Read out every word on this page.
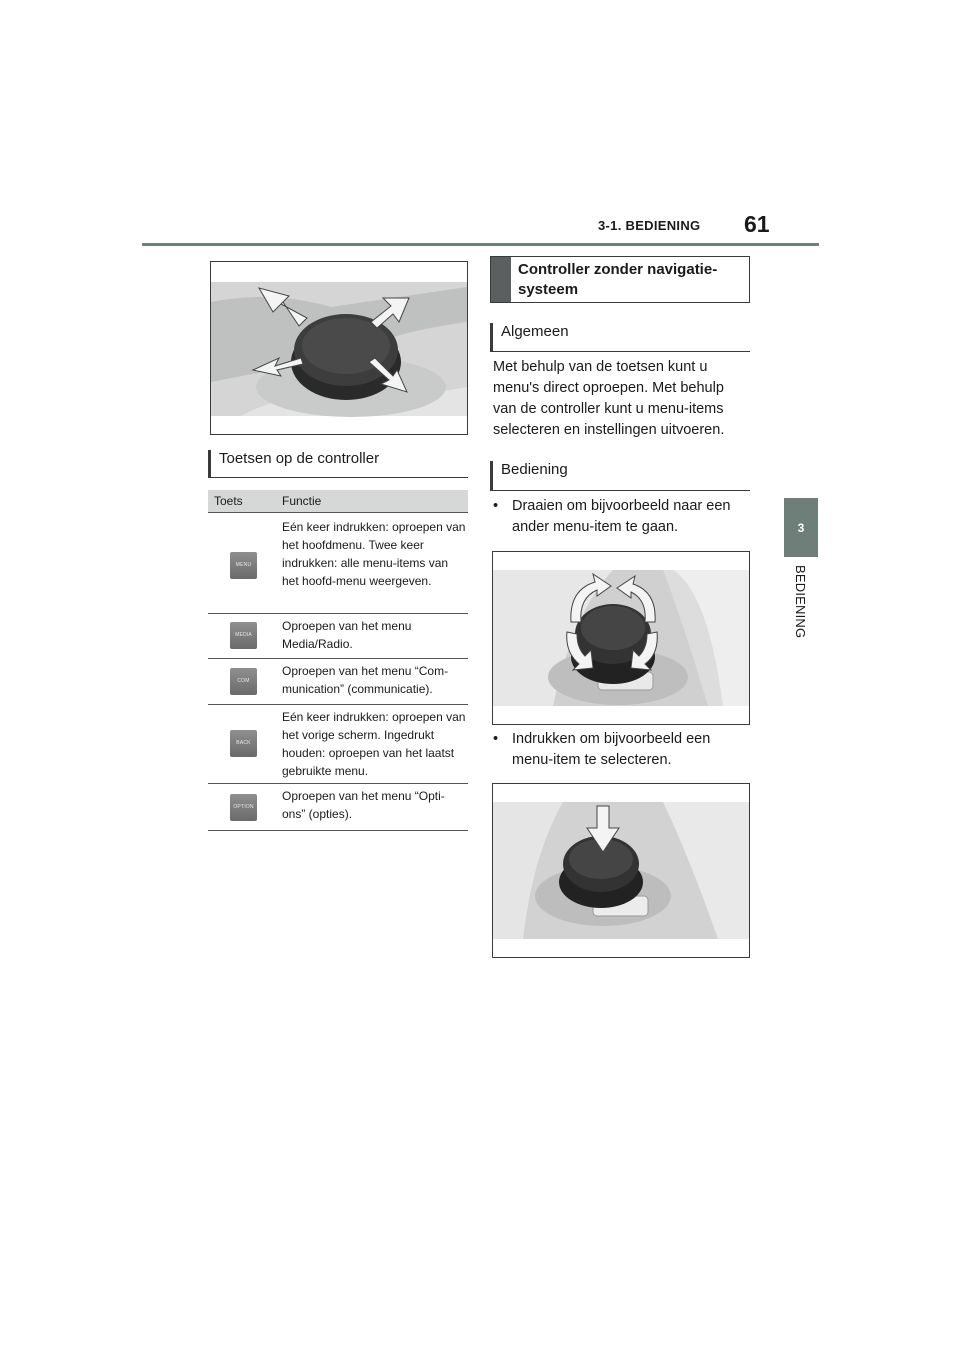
3-1. BEDIENING 61
3
BEDIENING
Toetsen op de controller
Toets	Functie
MENU
Eén keer indrukken: oproepen van het hoofdmenu. Twee keer indrukken: alle menu-items van het hoofd-menu weergeven.
MEDIA
Oproepen van het menu Media/Radio.
COM
Oproepen van het menu “Com-munication” (communicatie).
BACK
Eén keer indrukken: oproepen van het vorige scherm. Ingedrukt houden: oproepen van het laatst gebruikte menu.
OPTION
Oproepen van het menu “Opti-ons” (opties).
Controller zonder navigatie-systeem
Algemeen
Met behulp van de toetsen kunt u menu's direct oproepen. Met behulp van de controller kunt u menu-items selecteren en instellingen uitvoeren.
Bediening
• Draaien om bijvoorbeeld naar een ander menu-item te gaan.
• Indrukken om bijvoorbeeld een menu-item te selecteren.
